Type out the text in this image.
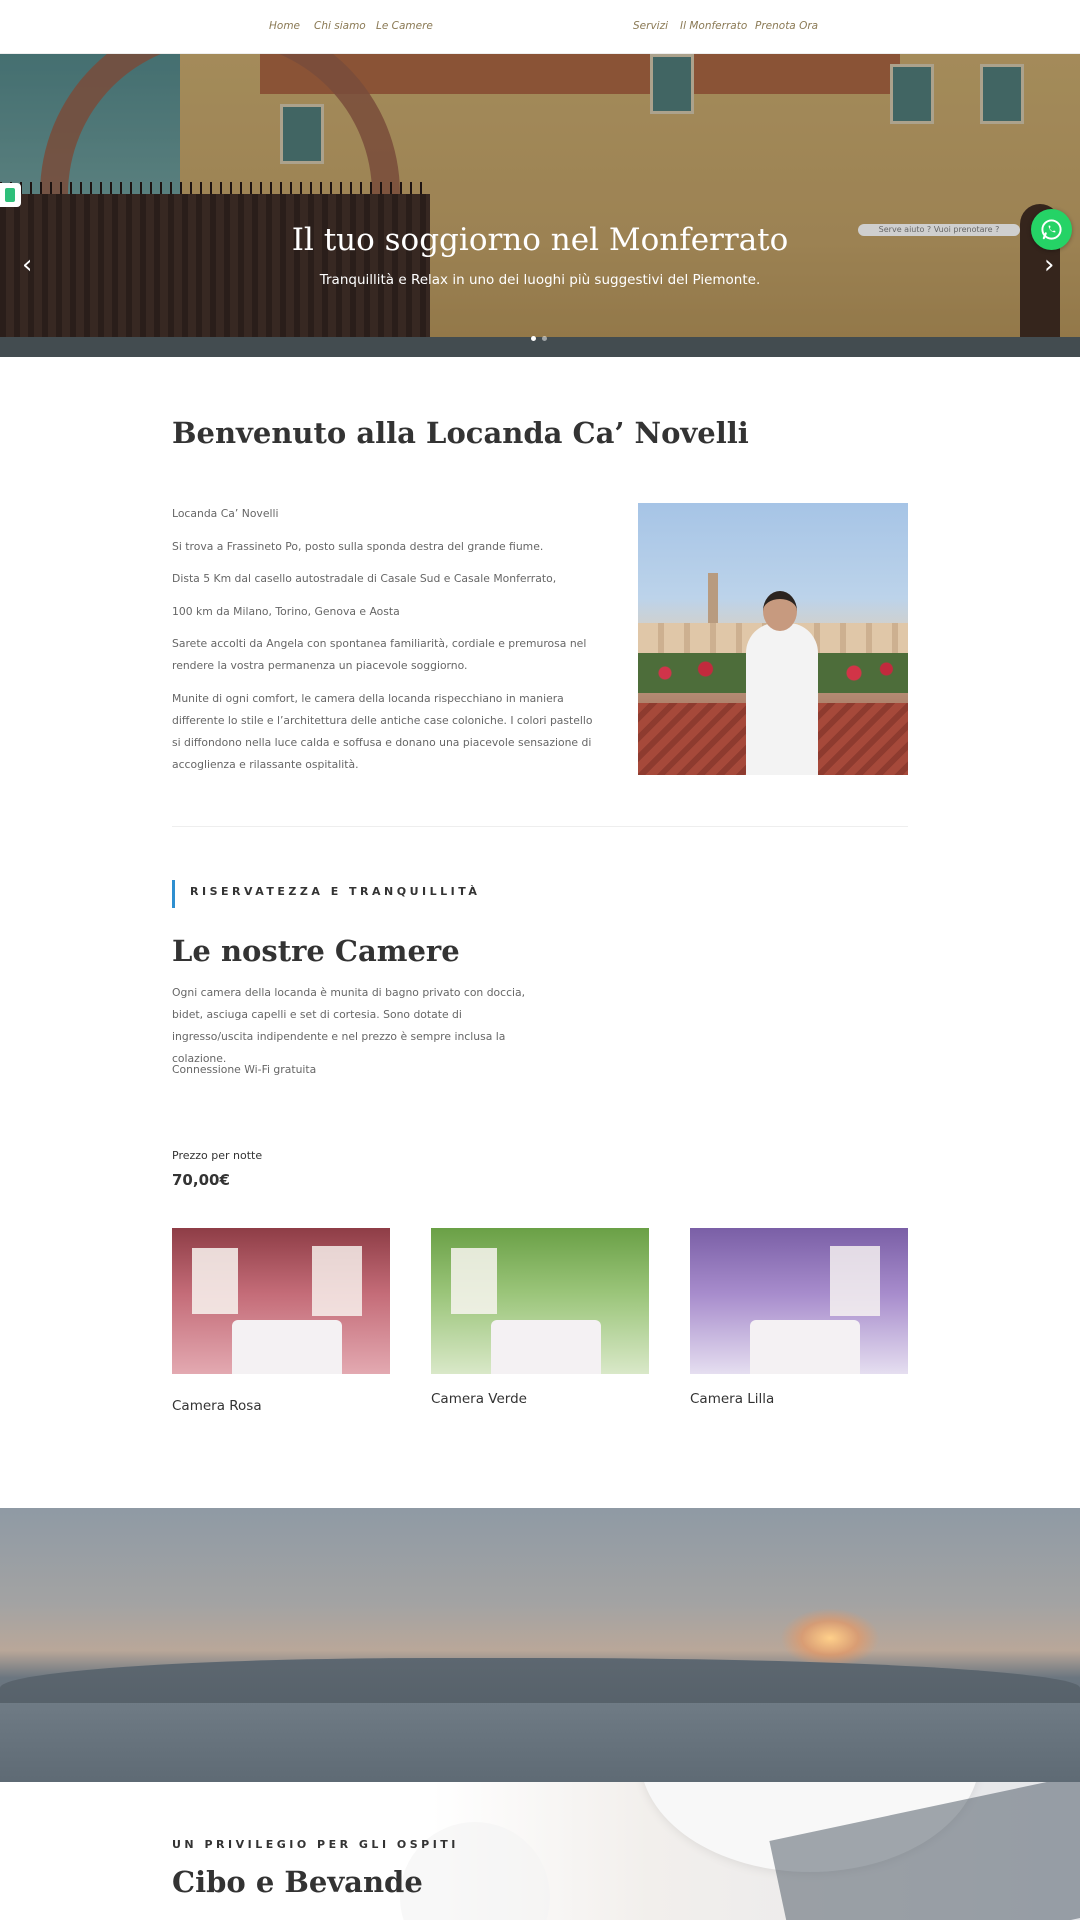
Home Chi siamo Le Camere	Servizi Il Monferrato Prenota Ora
Il tuo soggiorno nel Monferrato
Tranquillità e Relax in uno dei luoghi più suggestivi del Piemonte.
‹	›
Serve aiuto ? Vuoi prenotare ?
Benvenuto alla Locanda Ca’ Novelli

Locanda Ca’ Novelli

Si trova a Frassineto Po, posto sulla sponda destra del grande fiume.

Dista 5 Km dal casello autostradale di Casale Sud e Casale Monferrato,

100 km da Milano, Torino, Genova e Aosta

Sarete accolti da Angela con spontanea familiarità, cordiale e premurosa nel rendere la vostra permanenza un piacevole soggiorno.

Munite di ogni comfort, le camera della locanda rispecchiano in maniera differente lo stile e l’architettura delle antiche case coloniche. I colori pastello si diffondono nella luce calda e soffusa e donano una piacevole sensazione di accoglienza e rilassante ospitalità.

RISERVATEZZA E TRANQUILLITÀ
Le nostre Camere

Ogni camera della locanda è munita di bagno privato con doccia, bidet, asciuga capelli e set di cortesia. Sono dotate di ingresso/uscita indipendente e nel prezzo è sempre inclusa la colazione.

Connessione Wi-Fi gratuita

Prezzo per notte
70,00€
Camera Rosa	Camera Verde	Camera Lilla
UN PRIVILEGIO PER GLI OSPITI
Cibo e Bevande
